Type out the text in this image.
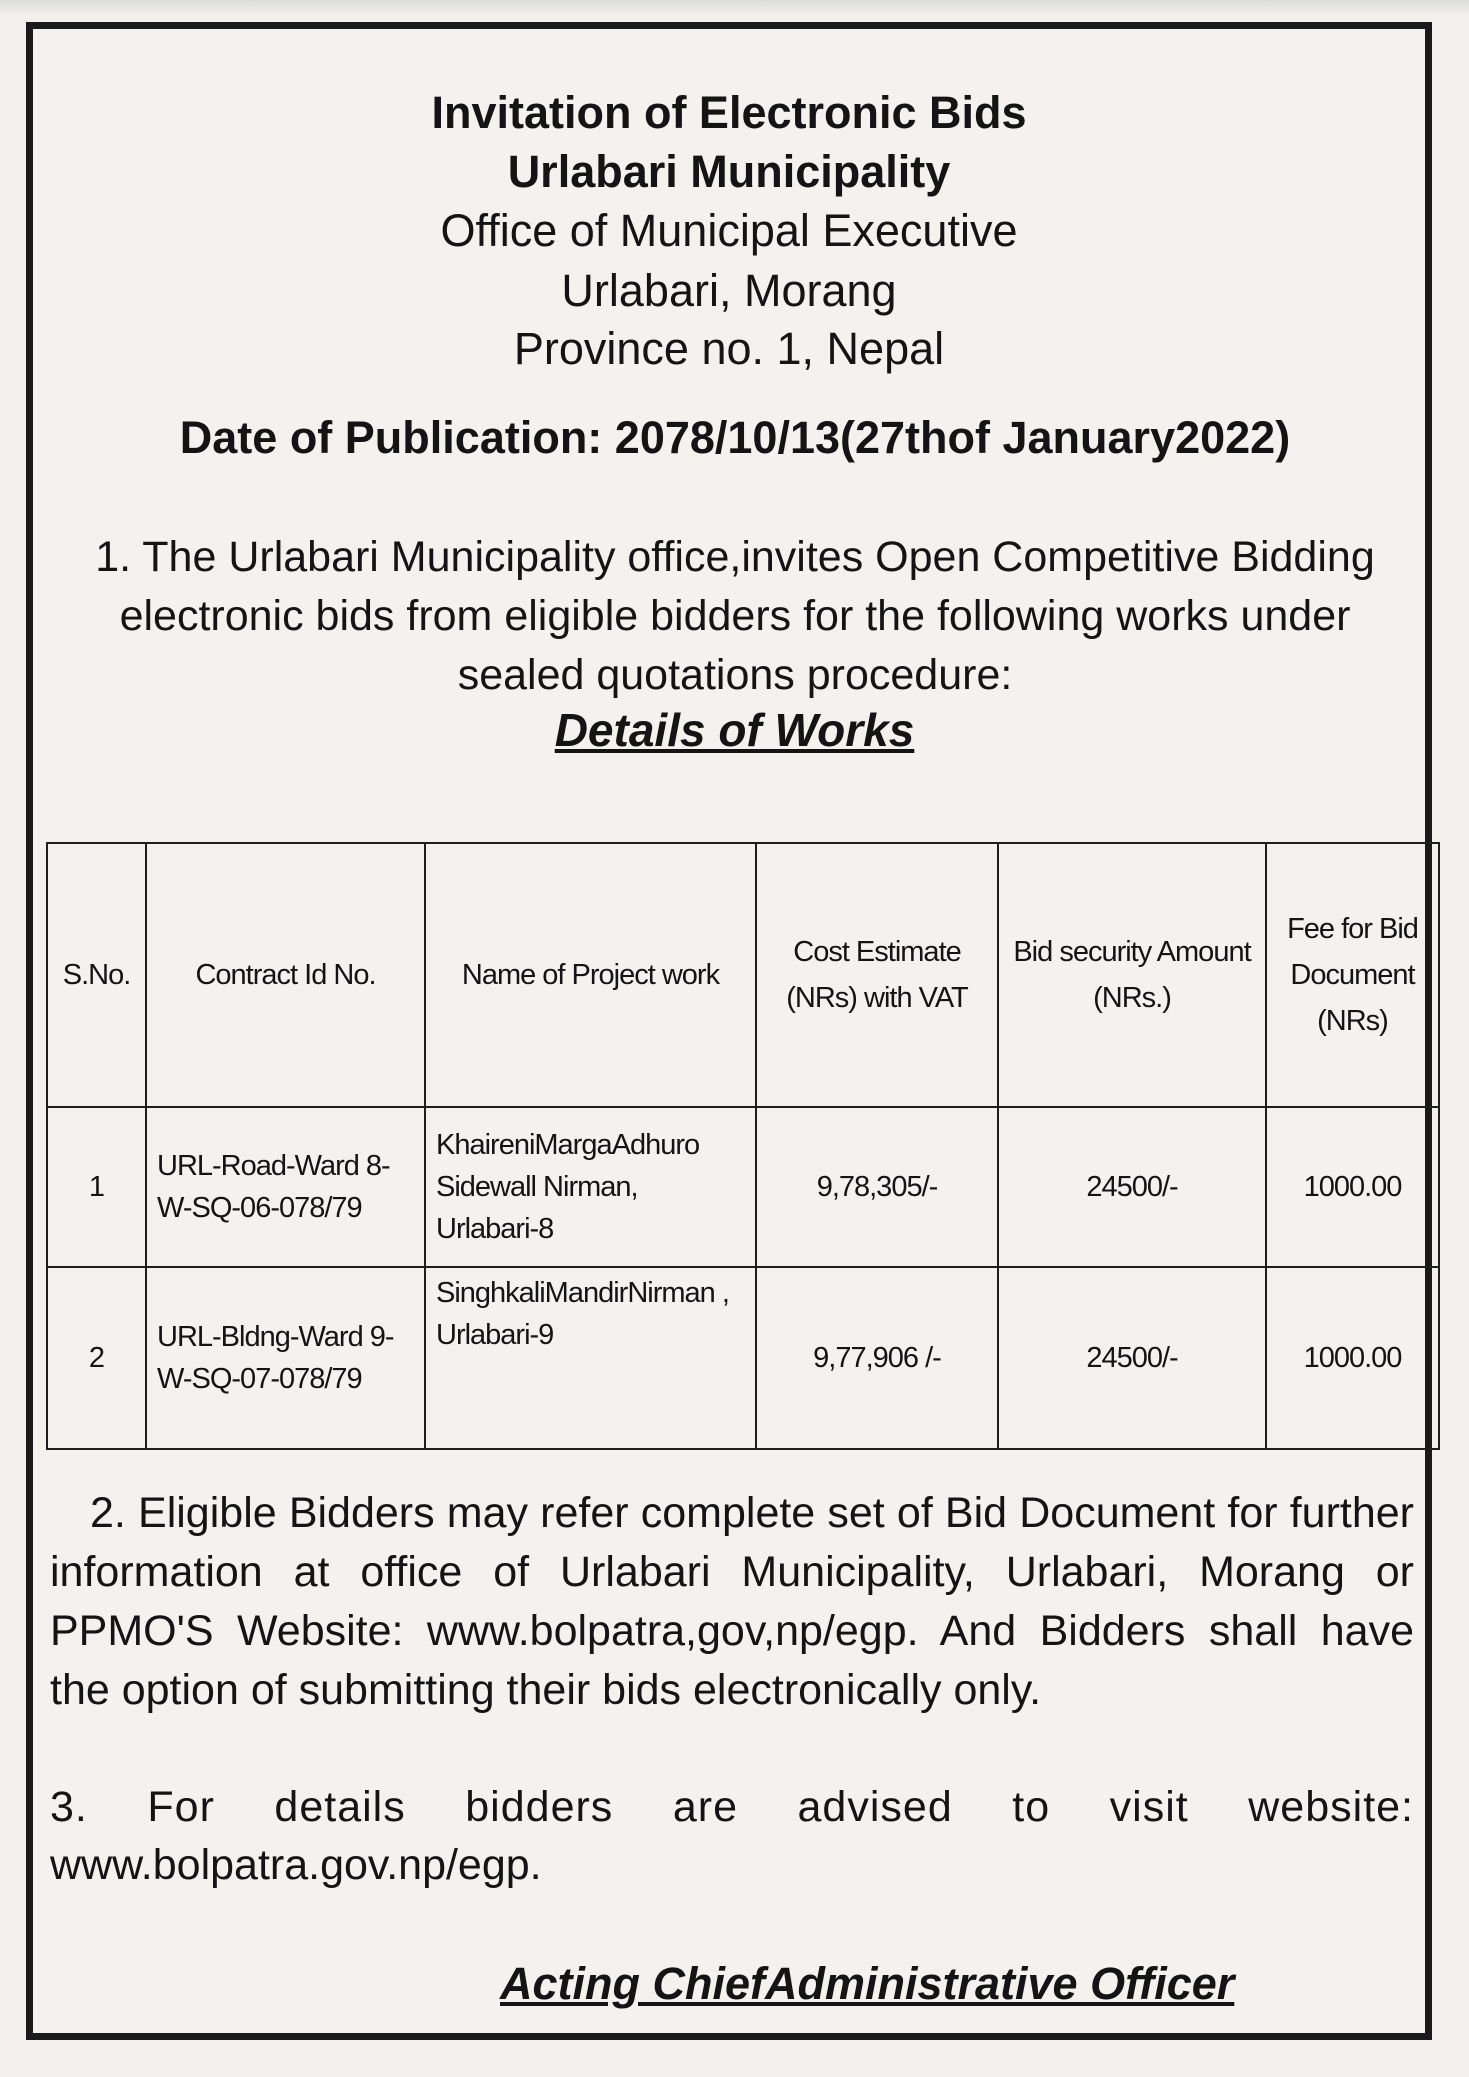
Invitation of Electronic Bids
Urlabari Municipality
Office of Municipal Executive
Urlabari, Morang
Province no. 1, Nepal
Date of Publication: 2078/10/13(27thof January2022)
1. The Urlabari Municipality office,invites Open Competitive Bidding electronic bids from eligible bidders for the following works under sealed quotations procedure:
Details of Works
S.No.	Contract Id No.	Name of Project work	Cost Estimate (NRs) with VAT	Bid security Amount (NRs.)	Fee for Bid Document (NRs)
1	URL-Road-Ward 8-W-SQ-06-078/79	KhaireniMargaAdhuro Sidewall Nirman, Urlabari-8	9,78,305/-	24500/-	1000.00
2	URL-Bldng-Ward 9-W-SQ-07-078/79	SinghkaliMandirNirman , Urlabari-9	9,77,906 /-	24500/-	1000.00
2. Eligible Bidders may refer complete set of Bid Document for further information at office of Urlabari Municipality, Urlabari, Morang or PPMO'S Website: www.bolpatra,gov,np/egp. And Bidders shall have the option of submitting their bids electronically only.
3. For details bidders are advised to visit website:
www.bolpatra.gov.np/egp.
Acting ChiefAdministrative Officer
